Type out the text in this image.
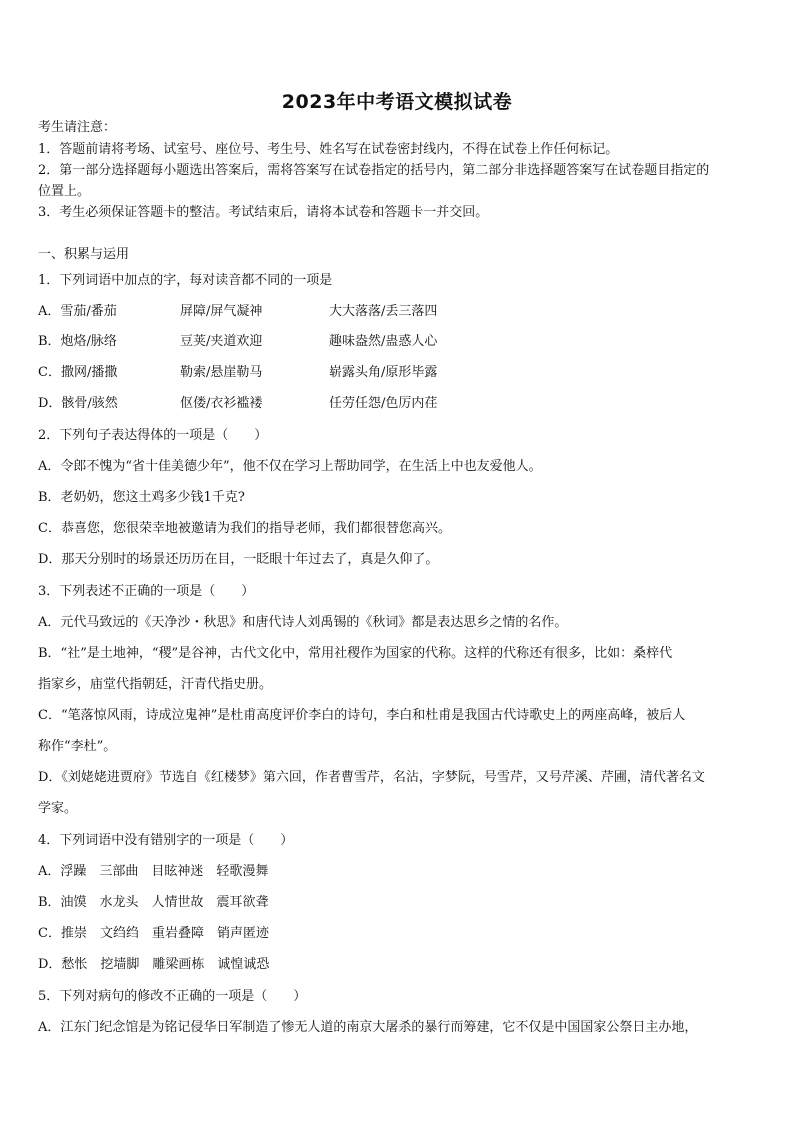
2023年中考语文模拟试卷
考生请注意：
1．答题前请将考场、试室号、座位号、考生号、姓名写在试卷密封线内，不得在试卷上作任何标记。
2．第一部分选择题每小题选出答案后，需将答案写在试卷指定的括号内，第二部分非选择题答案写在试卷题目指定的
位置上。
3．考生必须保证答题卡的整洁。考试结束后，请将本试卷和答题卡一并交回。
一、积累与运用
1．下列词语中加点的字，每对读音都不同的一项是
A．雪茄/番茄	屏障/屏气凝神	大大落落/丢三落四
B．炮烙/脉络	豆荚/夹道欢迎	趣味盎然/蛊惑人心
C．撒网/播撒	勒索/悬崖勒马	崭露头角/原形毕露
D．骸骨/骇然	伛偻/衣衫褴褛	任劳任怨/色厉内荏
2．下列句子表达得体的一项是（　　）
A．令郎不愧为“省十佳美德少年”，他不仅在学习上帮助同学，在生活上中也友爱他人。
B．老奶奶，您这土鸡多少钱1千克?
C．恭喜您，您很荣幸地被邀请为我们的指导老师，我们都很替您高兴。
D．那天分别时的场景还历历在目，一眨眼十年过去了，真是久仰了。
3．下列表述不正确的一项是（　　）
A．元代马致远的《天净沙・秋思》和唐代诗人刘禹锡的《秋词》都是表达思乡之情的名作。
B．“社”是土地神，“稷”是谷神，古代文化中，常用社稷作为国家的代称。这样的代称还有很多，比如：桑梓代
指家乡，庙堂代指朝廷，汗青代指史册。
C．“笔落惊风雨，诗成泣鬼神”是杜甫高度评价李白的诗句，李白和杜甫是我国古代诗歌史上的两座高峰，被后人
称作“李杜”。
D．《刘姥姥进贾府》节选自《红楼梦》第六回，作者曹雪芹，名沾，字梦阮，号雪芹，又号芹溪、芹圃，清代著名文
学家。
4．下列词语中没有错别字的一项是（　　）
A．浮躁　三部曲　目眩神迷　轻歌漫舞
B．油馍　水龙头　人情世故　震耳欲聋
C．推崇　文绉绉　重岩叠障　销声匿迹
D．愁怅　挖墙脚　雕梁画栋　诚惶诚恐
5．下列对病句的修改不正确的一项是（　　）
A．江东门纪念馆是为铭记侵华日军制造了惨无人道的南京大屠杀的暴行而筹建，它不仅是中国国家公祭日主办地，
